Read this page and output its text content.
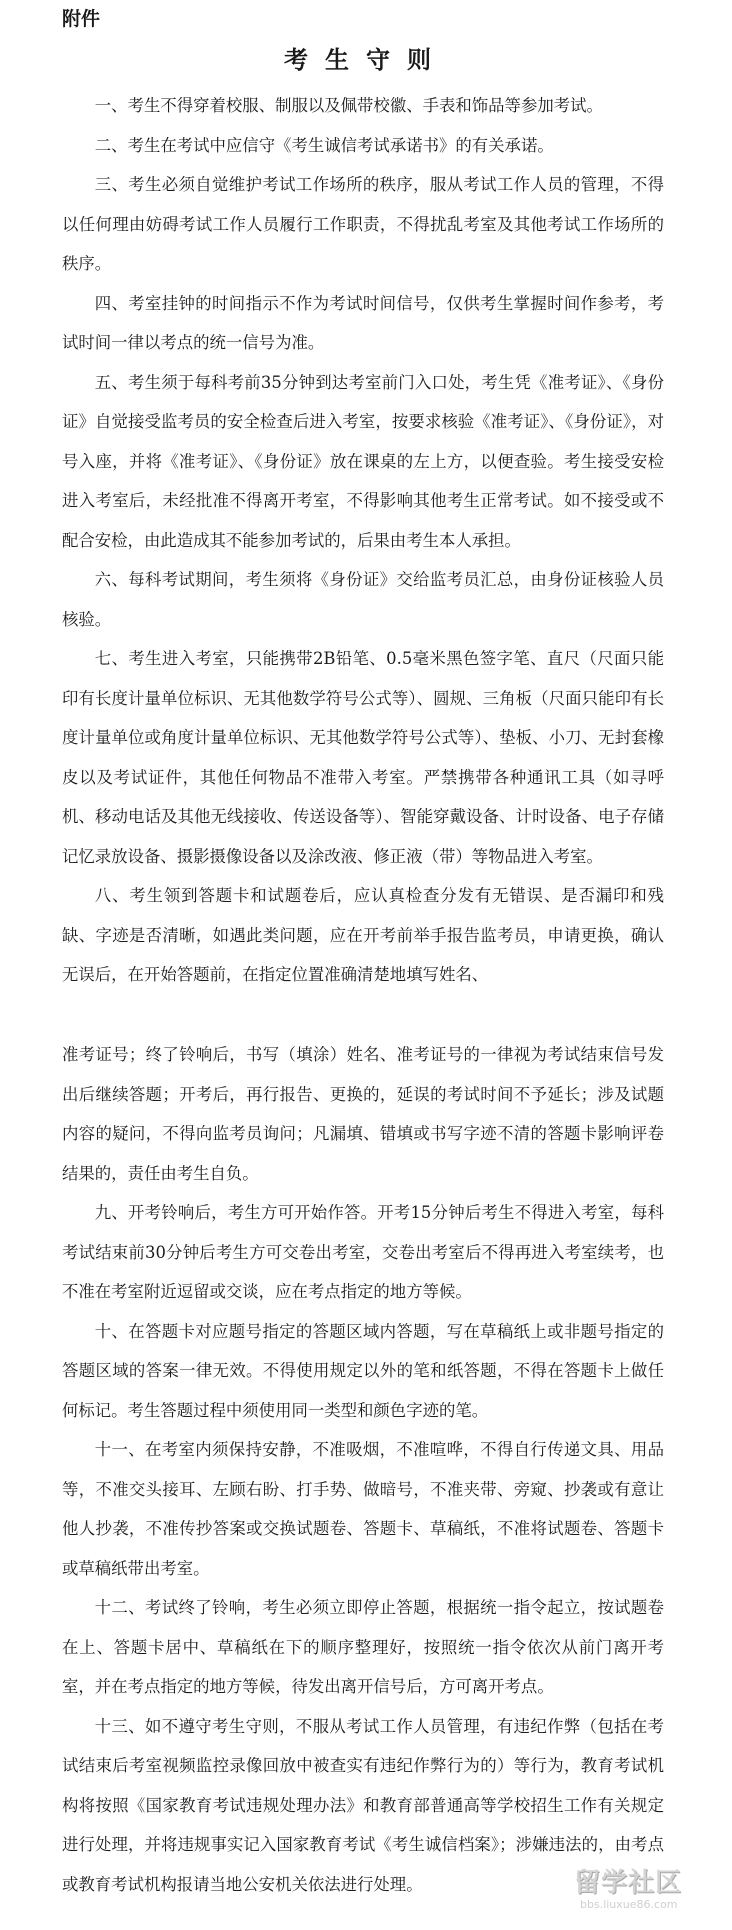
附件
考生守则

一、考生不得穿着校服、制服以及佩带校徽、手表和饰品等参加考试。

二、考生在考试中应信守《考生诚信考试承诺书》的有关承诺。

三、考生必须自觉维护考试工作场所的秩序，服从考试工作人员的管理，不得以任何理由妨碍考试工作人员履行工作职责，不得扰乱考室及其他考试工作场所的秩序。

四、考室挂钟的时间指示不作为考试时间信号，仅供考生掌握时间作参考，考试时间一律以考点的统一信号为准。

五、考生须于每科考前35分钟到达考室前门入口处，考生凭《准考证》、《身份证》自觉接受监考员的安全检查后进入考室，按要求核验《准考证》、《身份证》，对号入座，并将《准考证》、《身份证》放在课桌的左上方，以便查验。考生接受安检进入考室后，未经批准不得离开考室，不得影响其他考生正常考试。如不接受或不配合安检，由此造成其不能参加考试的，后果由考生本人承担。

六、每科考试期间，考生须将《身份证》交给监考员汇总，由身份证核验人员核验。

七、考生进入考室，只能携带2B铅笔、0.5毫米黑色签字笔、直尺（尺面只能印有长度计量单位标识、无其他数学符号公式等）、圆规、三角板（尺面只能印有长度计量单位或角度计量单位标识、无其他数学符号公式等）、垫板、小刀、无封套橡皮以及考试证件，其他任何物品不准带入考室。严禁携带各种通讯工具（如寻呼机、移动电话及其他无线接收、传送设备等）、智能穿戴设备、计时设备、电子存储记忆录放设备、摄影摄像设备以及涂改液、修正液（带）等物品进入考室。

八、考生领到答题卡和试题卷后，应认真检查分发有无错误、是否漏印和残缺、字迹是否清晰，如遇此类问题，应在开考前举手报告监考员，申请更换，确认无误后，在开始答题前，在指定位置准确清楚地填写姓名、

准考证号；终了铃响后，书写（填涂）姓名、准考证号的一律视为考试结束信号发出后继续答题；开考后，再行报告、更换的，延误的考试时间不予延长；涉及试题内容的疑问，不得向监考员询问；凡漏填、错填或书写字迹不清的答题卡影响评卷结果的，责任由考生自负。

九、开考铃响后，考生方可开始作答。开考15分钟后考生不得进入考室，每科考试结束前30分钟后考生方可交卷出考室，交卷出考室后不得再进入考室续考，也不准在考室附近逗留或交谈，应在考点指定的地方等候。

十、在答题卡对应题号指定的答题区域内答题，写在草稿纸上或非题号指定的答题区域的答案一律无效。不得使用规定以外的笔和纸答题，不得在答题卡上做任何标记。考生答题过程中须使用同一类型和颜色字迹的笔。

十一、在考室内须保持安静，不准吸烟，不准喧哗，不得自行传递文具、用品等，不准交头接耳、左顾右盼、打手势、做暗号，不准夹带、旁窥、抄袭或有意让他人抄袭，不准传抄答案或交换试题卷、答题卡、草稿纸，不准将试题卷、答题卡或草稿纸带出考室。

十二、考试终了铃响，考生必须立即停止答题，根据统一指令起立，按试题卷在上、答题卡居中、草稿纸在下的顺序整理好，按照统一指令依次从前门离开考室，并在考点指定的地方等候，待发出离开信号后，方可离开考点。

十三、如不遵守考生守则，不服从考试工作人员管理，有违纪作弊（包括在考试结束后考室视频监控录像回放中被查实有违纪作弊行为的）等行为，教育考试机构将按照《国家教育考试违规处理办法》和教育部普通高等学校招生工作有关规定进行处理，并将违规事实记入国家教育考试《考生诚信档案》；涉嫌违法的，由考点或教育考试机构报请当地公安机关依法进行处理。	留学社区
bbs.liuxue86.com
